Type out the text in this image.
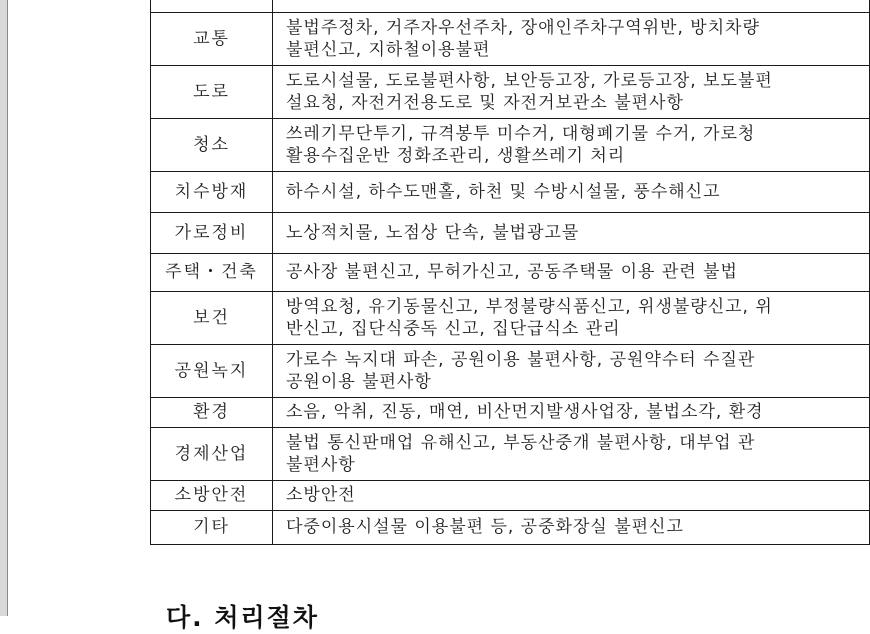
교통	불법주정차, 거주자우선주차, 장애인주차구역위반, 방치차량
불편신고, 지하철이용불편
도로	도로시설물, 도로불편사항, 보안등고장, 가로등고장, 보도불편
설요청, 자전거전용도로 및 자전거보관소 불편사항
청소	쓰레기무단투기, 규격봉투 미수거, 대형폐기물 수거, 가로청
활용수집운반 정화조관리, 생활쓰레기 처리
치수방재	하수시설, 하수도맨홀, 하천 및 수방시설물, 풍수해신고
가로정비	노상적치물, 노점상 단속, 불법광고물
주택・건축	공사장 불편신고, 무허가신고, 공동주택물 이용 관련 불법
보건	방역요청, 유기동물신고, 부정불량식품신고, 위생불량신고, 위
반신고, 집단식중독 신고, 집단급식소 관리
공원녹지	가로수 녹지대 파손, 공원이용 불편사항, 공원약수터 수질관
공원이용 불편사항
환경	소음, 악취, 진동, 매연, 비산먼지발생사업장, 불법소각, 환경
경제산업	불법 통신판매업 유해신고, 부동산중개 불편사항, 대부업 관
불편사항
소방안전	소방안전
기타	다중이용시설물 이용불편 등, 공중화장실 불편신고
다. 처리절차
